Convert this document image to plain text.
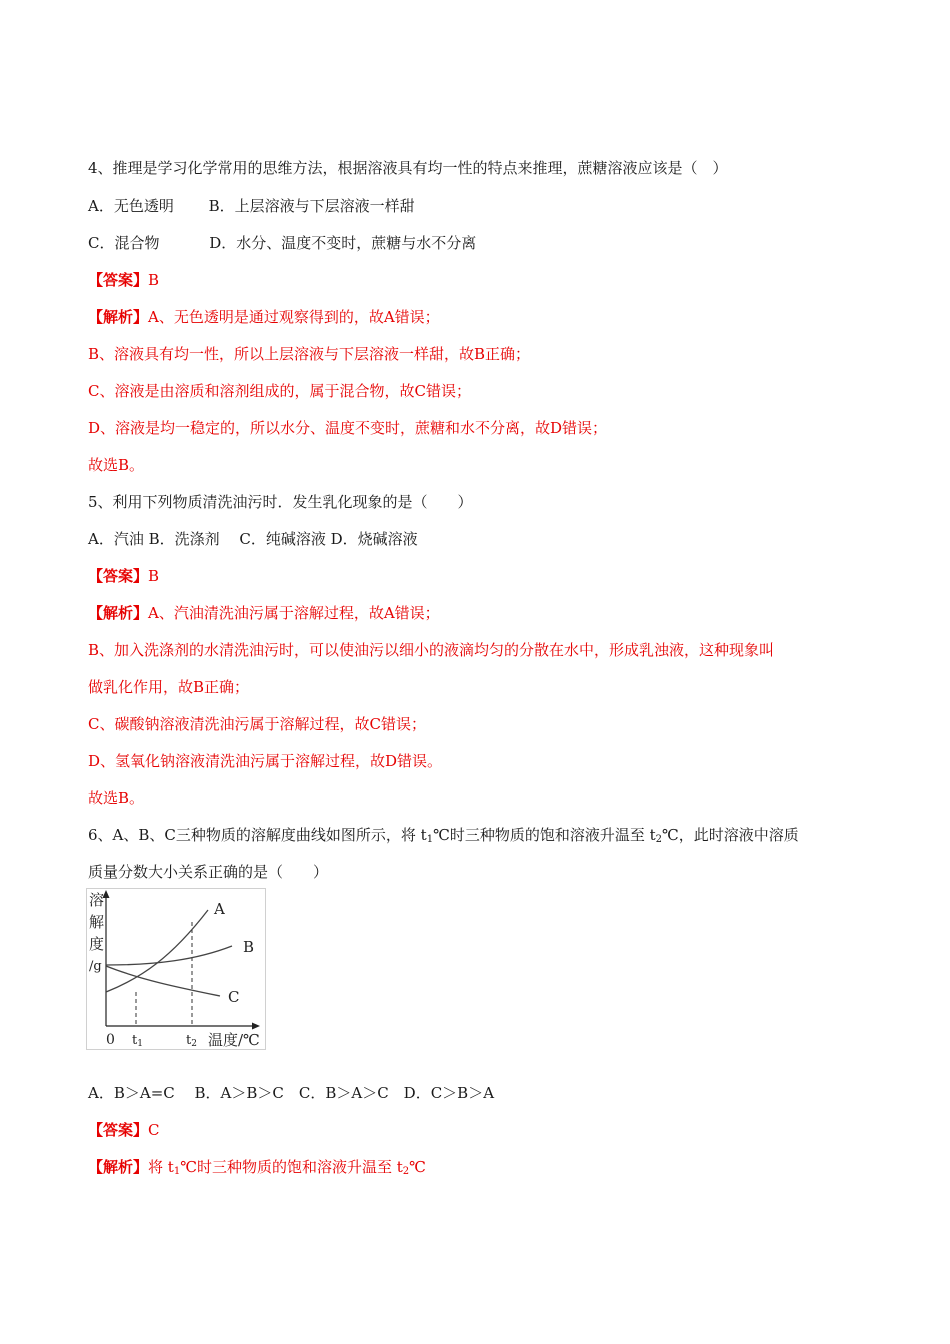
4、推理是学习化学常用的思维方法，根据溶液具有均一性的特点来推理，蔗糖溶液应该是（　）
A．无色透明　　 B．上层溶液与下层溶液一样甜
C．混合物　　　 D．水分、温度不变时，蔗糖与水不分离
【答案】B
【解析】A、无色透明是通过观察得到的，故A错误；
B、溶液具有均一性，所以上层溶液与下层溶液一样甜，故B正确；
C、溶液是由溶质和溶剂组成的，属于混合物，故C错误；
D、溶液是均一稳定的，所以水分、温度不变时，蔗糖和水不分离，故D错误；
故选B。
5、利用下列物质清洗油污时．发生乳化现象的是（　　）
A．汽油 B．洗涤剂　 C．纯碱溶液 D．烧碱溶液
【答案】B
【解析】A、汽油清洗油污属于溶解过程，故A错误；
B、加入洗涤剂的水清洗油污时，可以使油污以细小的液滴均匀的分散在水中，形成乳浊液，这种现象叫
做乳化作用，故B正确；
C、碳酸钠溶液清洗油污属于溶解过程，故C错误；
D、氢氧化钠溶液清洗油污属于溶解过程，故D错误。
故选B。
6、A、B、C三种物质的溶解度曲线如图所示，将 $t_1℃$时三种物质的饱和溶液升温至 $t_2℃$，此时溶液中溶质
质量分数大小关系正确的是（　　）
溶
解
度
/g
A
B
C
0 t1	t2 温度/℃
A．B＞A=C　 B．A＞B＞C　C．B＞A＞C　D．C＞B＞A
【答案】C
【解析】将 $t_1℃$时三种物质的饱和溶液升温至 $t_2℃$
